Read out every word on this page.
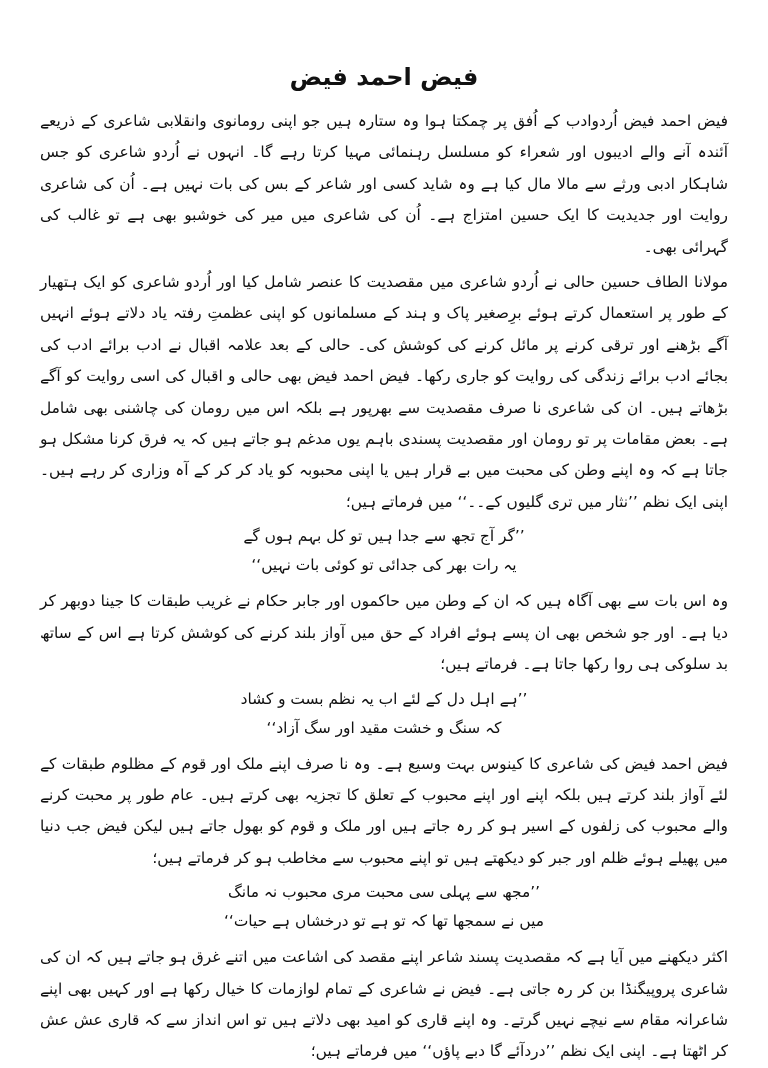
فیض احمد فیض

فیض احمد فیض اُردوادب کے اُفق پر چمکتا ہوا وہ ستارہ ہیں جو اپنی رومانوی وانقلابی شاعری کے ذریعے آئندہ آنے والے ادیبوں اور شعراء کو مسلسل رہنمائی مہیا کرتا رہے گا۔ انہوں نے اُردو شاعری کو جس شاہکار ادبی ورثے سے مالا مال کیا ہے وہ شاید کسی اور شاعر کے بس کی بات نہیں ہے۔ اُن کی شاعری روایت اور جدیدیت کا ایک حسین امتزاج ہے۔ اُن کی شاعری میں میر کی خوشبو بھی ہے تو غالب کی گہرائی بھی۔

مولانا الطاف حسین حالی نے اُردو شاعری میں مقصدیت کا عنصر شامل کیا اور اُردو شاعری کو ایک ہتھیار کے طور پر استعمال کرتے ہوئے برِصغیر پاک و ہند کے مسلمانوں کو اپنی عظمتِ رفتہ یاد دلاتے ہوئے انہیں آگے بڑھنے اور ترقی کرنے پر مائل کرنے کی کوشش کی۔ حالی کے بعد علامہ اقبال نے ادب برائے ادب کی بجائے ادب برائے زندگی کی روایت کو جاری رکھا۔ فیض احمد فیض بھی حالی و اقبال کی اسی روایت کو آگے بڑھاتے ہیں۔ ان کی شاعری نا صرف مقصدیت سے بھرپور ہے بلکہ اس میں رومان کی چاشنی بھی شامل ہے۔ بعض مقامات پر تو رومان اور مقصدیت پسندی باہم یوں مدغم ہو جاتے ہیں کہ یہ فرق کرنا مشکل ہو جاتا ہے کہ وہ اپنے وطن کی محبت میں بے قرار ہیں یا اپنی محبوبہ کو یاد کر کر کے آہ وزاری کر رہے ہیں۔ اپنی ایک نظم ’’نثار میں تری گلیوں کے۔۔‘‘ میں فرماتے ہیں؛

’’گر آج تجھ سے جدا ہیں تو کل بہم ہوں گے

یہ رات بھر کی جدائی تو کوئی بات نہیں‘‘

وہ اس بات سے بھی آگاہ ہیں کہ ان کے وطن میں حاکموں اور جابر حکام نے غریب طبقات کا جینا دوبھر کر دیا ہے۔ اور جو شخص بھی ان پسے ہوئے افراد کے حق میں آواز بلند کرنے کی کوشش کرتا ہے اس کے ساتھ بد سلوکی ہی روا رکھا جاتا ہے۔ فرماتے ہیں؛

’’ہے اہل دل کے لئے اب یہ نظم بست و کشاد

کہ سنگ و خشت مقید اور سگ آزاد‘‘

فیض احمد فیض کی شاعری کا کینوس بہت وسیع ہے۔ وہ نا صرف اپنے ملک اور قوم کے مظلوم طبقات کے لئے آواز بلند کرتے ہیں بلکہ اپنے اور اپنے محبوب کے تعلق کا تجزیہ بھی کرتے ہیں۔ عام طور پر محبت کرنے والے محبوب کی زلفوں کے اسیر ہو کر رہ جاتے ہیں اور ملک و قوم کو بھول جاتے ہیں لیکن فیض جب دنیا میں پھیلے ہوئے ظلم اور جبر کو دیکھتے ہیں تو اپنے محبوب سے مخاطب ہو کر فرماتے ہیں؛

’’مجھ سے پہلی سی محبت مری محبوب نہ مانگ

میں نے سمجھا تھا کہ تو ہے تو درخشاں ہے حیات‘‘

اکثر دیکھنے میں آیا ہے کہ مقصدیت پسند شاعر اپنے مقصد کی اشاعت میں اتنے غرق ہو جاتے ہیں کہ ان کی شاعری پروپیگنڈا بن کر رہ جاتی ہے۔ فیض نے شاعری کے تمام لوازمات کا خیال رکھا ہے اور کہیں بھی اپنے شاعرانہ مقام سے نیچے نہیں گرتے۔ وہ اپنے قاری کو امید بھی دلاتے ہیں تو اس انداز سے کہ قاری عش عش کر اٹھتا ہے۔ اپنی ایک نظم ’’دردآئے گا دبے پاؤں‘‘ میں فرماتے ہیں؛
